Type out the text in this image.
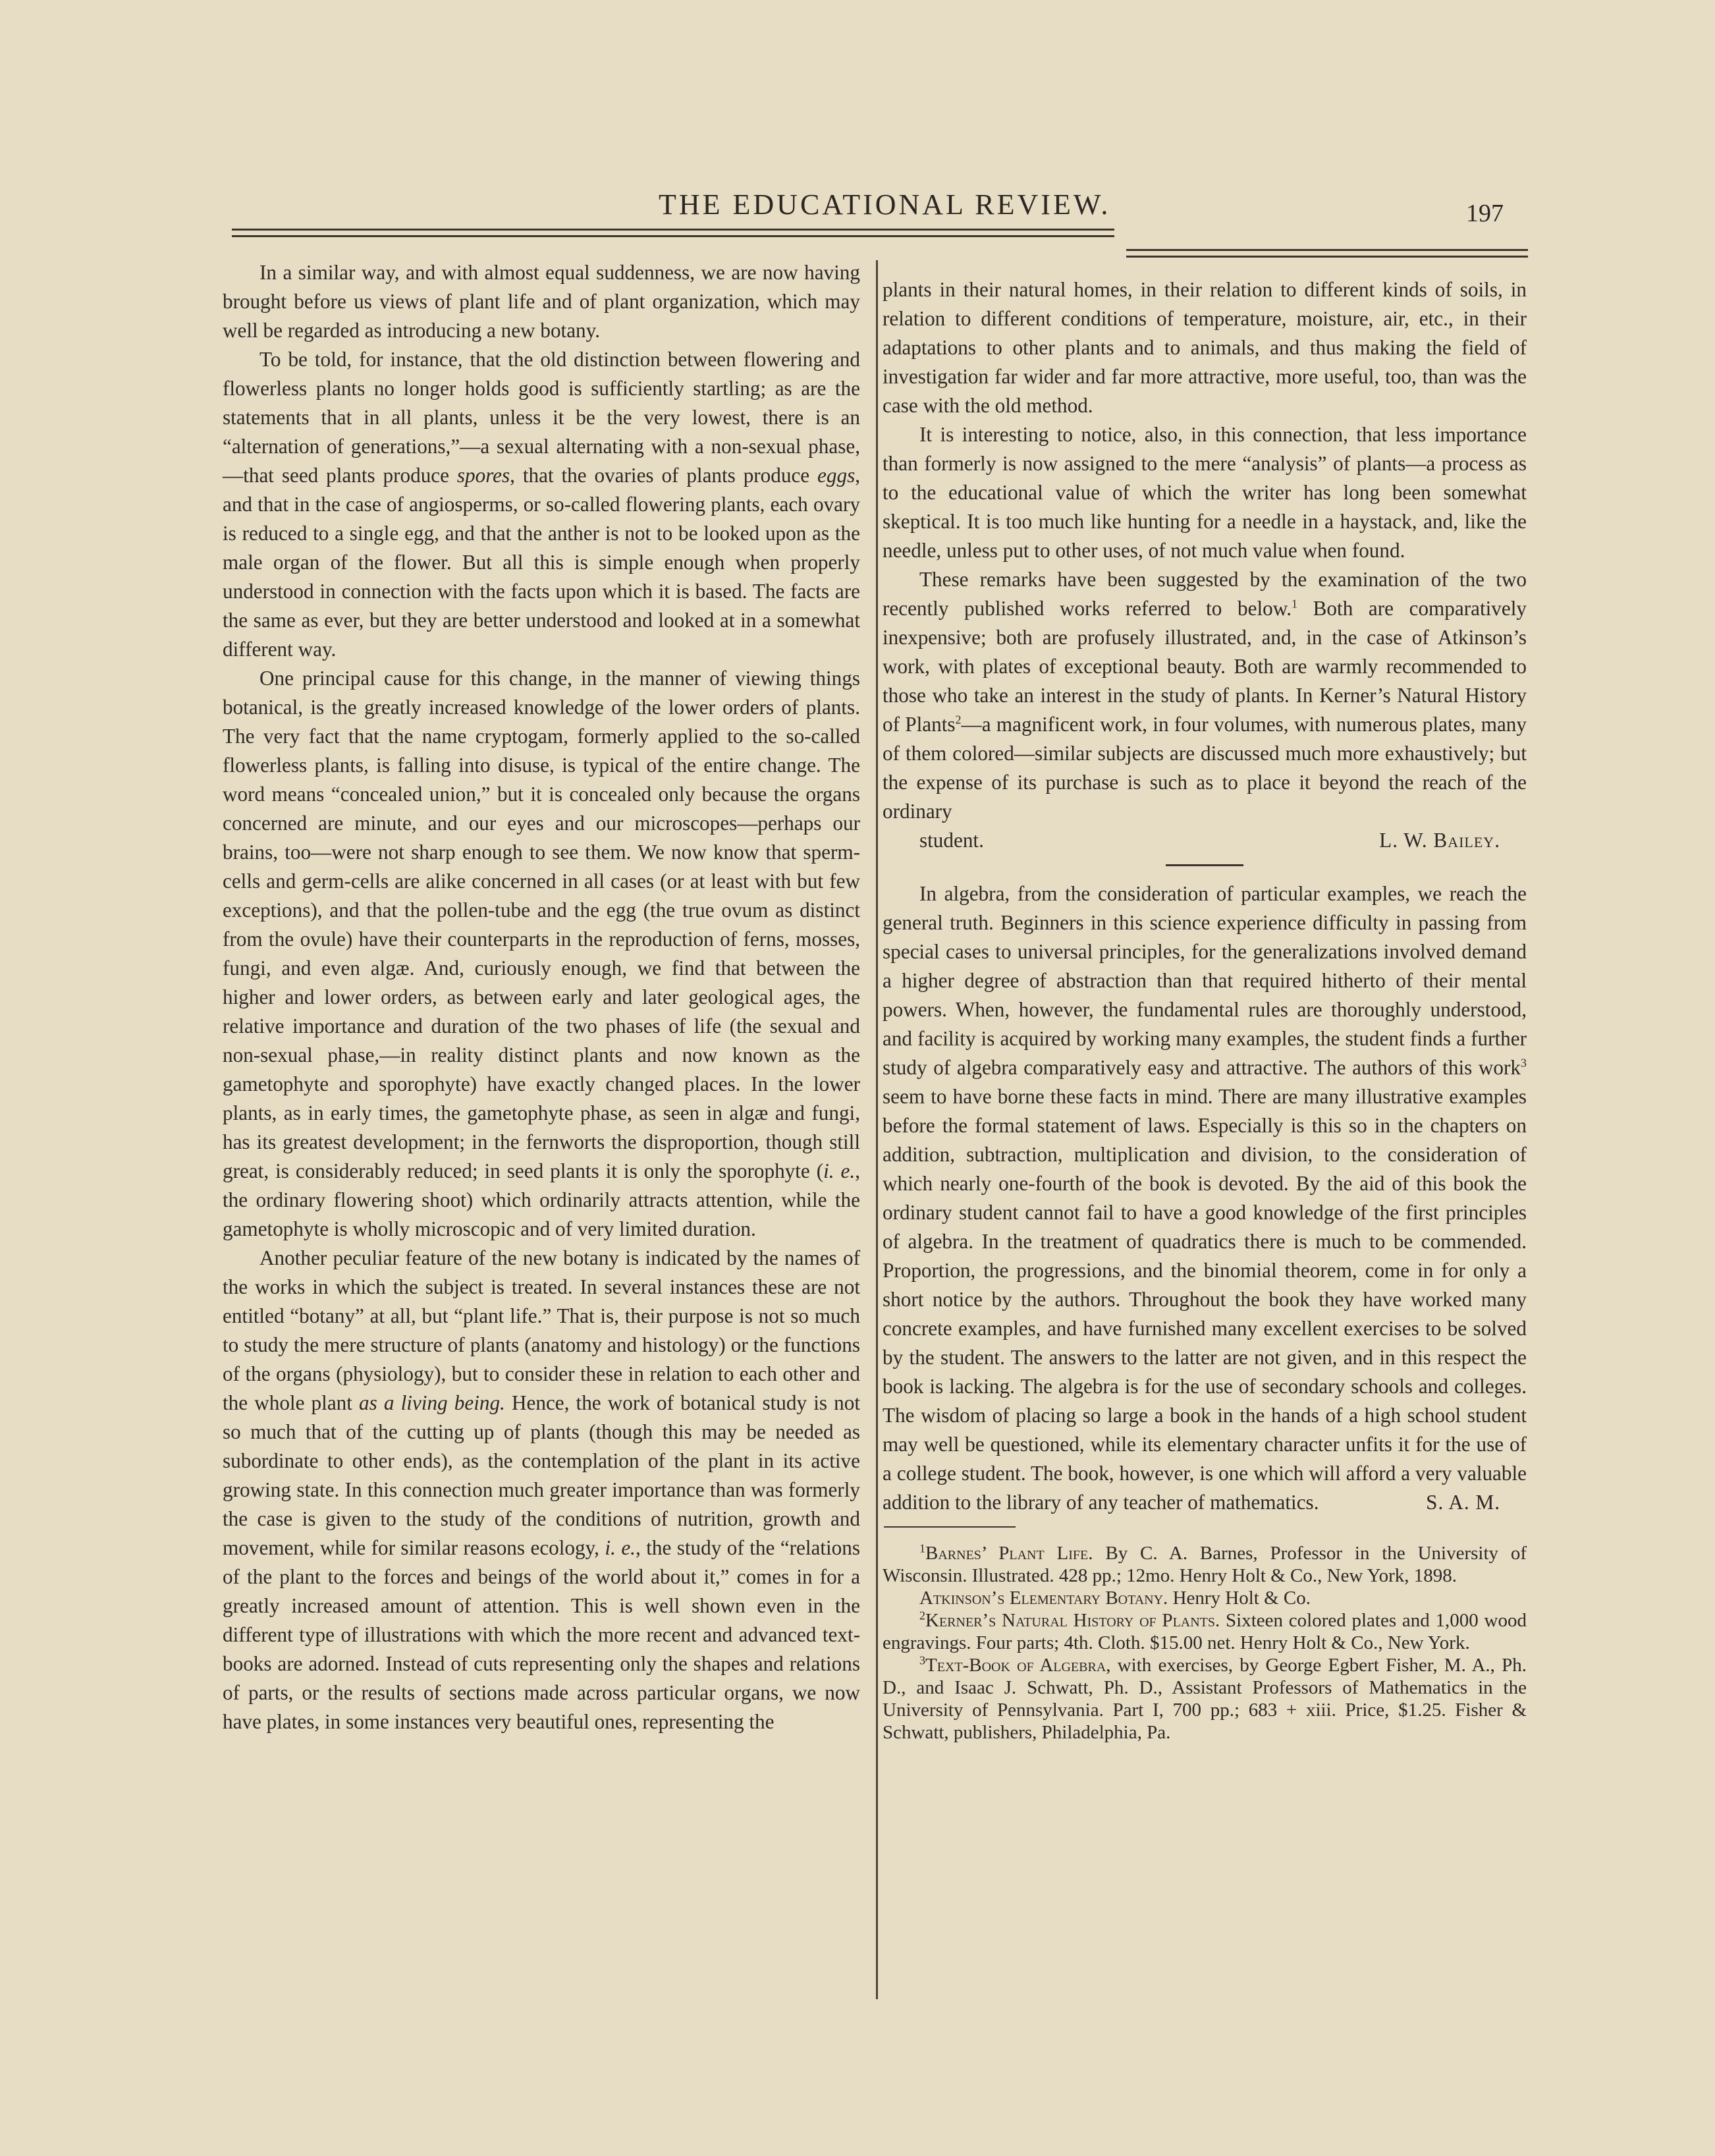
THE EDUCATIONAL REVIEW.	197

In a similar way, and with almost equal suddenness, we are now having brought before us views of plant life and of plant organization, which may well be regarded as introducing a new botany.

To be told, for instance, that the old distinction between flowering and flowerless plants no longer holds good is sufficiently startling; as are the statements that in all plants, unless it be the very lowest, there is an “alternation of generations,”—a sexual alternating with a non-sexual phase,—that seed plants produce spores, that the ovaries of plants produce eggs, and that in the case of angiosperms, or so-called flowering plants, each ovary is reduced to a single egg, and that the anther is not to be looked upon as the male organ of the flower. But all this is simple enough when properly understood in connection with the facts upon which it is based. The facts are the same as ever, but they are better understood and looked at in a somewhat different way.

One principal cause for this change, in the manner of viewing things botanical, is the greatly increased knowledge of the lower orders of plants. The very fact that the name cryptogam, formerly applied to the so-called flowerless plants, is falling into disuse, is typical of the entire change. The word means “concealed union,” but it is concealed only because the organs concerned are minute, and our eyes and our microscopes—perhaps our brains, too—were not sharp enough to see them. We now know that sperm-cells and germ-cells are alike concerned in all cases (or at least with but few exceptions), and that the pollen-tube and the egg (the true ovum as distinct from the ovule) have their counterparts in the reproduction of ferns, mosses, fungi, and even algæ. And, curiously enough, we find that between the higher and lower orders, as between early and later geological ages, the relative importance and duration of the two phases of life (the sexual and non-sexual phase,—in reality distinct plants and now known as the gametophyte and sporophyte) have exactly changed places. In the lower plants, as in early times, the gametophyte phase, as seen in algæ and fungi, has its greatest development; in the fernworts the disproportion, though still great, is considerably reduced; in seed plants it is only the sporophyte (i. e., the ordinary flowering shoot) which ordinarily attracts attention, while the gametophyte is wholly microscopic and of very limited duration.

Another peculiar feature of the new botany is indicated by the names of the works in which the subject is treated. In several instances these are not entitled “botany” at all, but “plant life.” That is, their purpose is not so much to study the mere structure of plants (anatomy and histology) or the functions of the organs (physiology), but to consider these in relation to each other and the whole plant as a living being. Hence, the work of botanical study is not so much that of the cutting up of plants (though this may be needed as subordinate to other ends), as the contemplation of the plant in its active growing state. In this connection much greater importance than was formerly the case is given to the study of the conditions of nutrition, growth and movement, while for similar reasons ecology, i. e., the study of the “relations of the plant to the forces and beings of the world about it,” comes in for a greatly increased amount of attention. This is well shown even in the different type of illustrations with which the more recent and advanced text-books are adorned. Instead of cuts representing only the shapes and relations of parts, or the results of sections made across particular organs, we now have plates, in some instances very beautiful ones, representing the

plants in their natural homes, in their relation to different kinds of soils, in relation to different conditions of temperature, moisture, air, etc., in their adaptations to other plants and to animals, and thus making the field of investigation far wider and far more attractive, more useful, too, than was the case with the old method.

It is interesting to notice, also, in this connection, that less importance than formerly is now assigned to the mere “analysis” of plants—a process as to the educational value of which the writer has long been somewhat skeptical. It is too much like hunting for a needle in a haystack, and, like the needle, unless put to other uses, of not much value when found.

These remarks have been suggested by the examination of the two recently published works referred to below.$^1$ Both are comparatively inexpensive; both are profusely illustrated, and, in the case of Atkinson’s work, with plates of exceptional beauty. Both are warmly recommended to those who take an interest in the study of plants. In Kerner’s Natural History of Plants$^2$—a magnificent work, in four volumes, with numerous plates, many of them colored—similar subjects are discussed much more exhaustively; but the expense of its purchase is such as to place it beyond the reach of the ordinary

student.	L. W. Bailey.

In algebra, from the consideration of particular examples, we reach the general truth. Beginners in this science experience difficulty in passing from special cases to universal principles, for the generalizations involved demand a higher degree of abstraction than that required hitherto of their mental powers. When, however, the fundamental rules are thoroughly understood, and facility is acquired by working many examples, the student finds a further study of algebra comparatively easy and attractive. The authors of this work$^3$ seem to have borne these facts in mind. There are many illustrative examples before the formal statement of laws. Especially is this so in the chapters on addition, subtraction, multiplication and division, to the consideration of which nearly one-fourth of the book is devoted. By the aid of this book the ordinary student cannot fail to have a good knowledge of the first principles of algebra. In the treatment of quadratics there is much to be commended. Proportion, the progressions, and the binomial theorem, come in for only a short notice by the authors. Throughout the book they have worked many concrete examples, and have furnished many excellent exercises to be solved by the student. The answers to the latter are not given, and in this respect the book is lacking. The algebra is for the use of secondary schools and colleges. The wisdom of placing so large a book in the hands of a high school student may well be questioned, while its elementary character unfits it for the use of a college student. The book, however, is one which will afford a very valuable addition to the library of any teacher of mathematics.	S. A. M.

$^1$Barnes’ Plant Life. By C. A. Barnes, Professor in the University of Wisconsin. Illustrated. 428 pp.; 12mo. Henry Holt & Co., New York, 1898.

Atkinson’s Elementary Botany. Henry Holt & Co.

$^2$Kerner’s Natural History of Plants. Sixteen colored plates and 1,000 wood engravings. Four parts; 4th. Cloth. $15.00 net. Henry Holt & Co., New York.

$^3$Text-Book of Algebra, with exercises, by George Egbert Fisher, M. A., Ph. D., and Isaac J. Schwatt, Ph. D., Assistant Professors of Mathematics in the University of Pennsylvania. Part I, 700 pp.; 683 + xiii. Price, $1.25. Fisher & Schwatt, publishers, Philadelphia, Pa.
